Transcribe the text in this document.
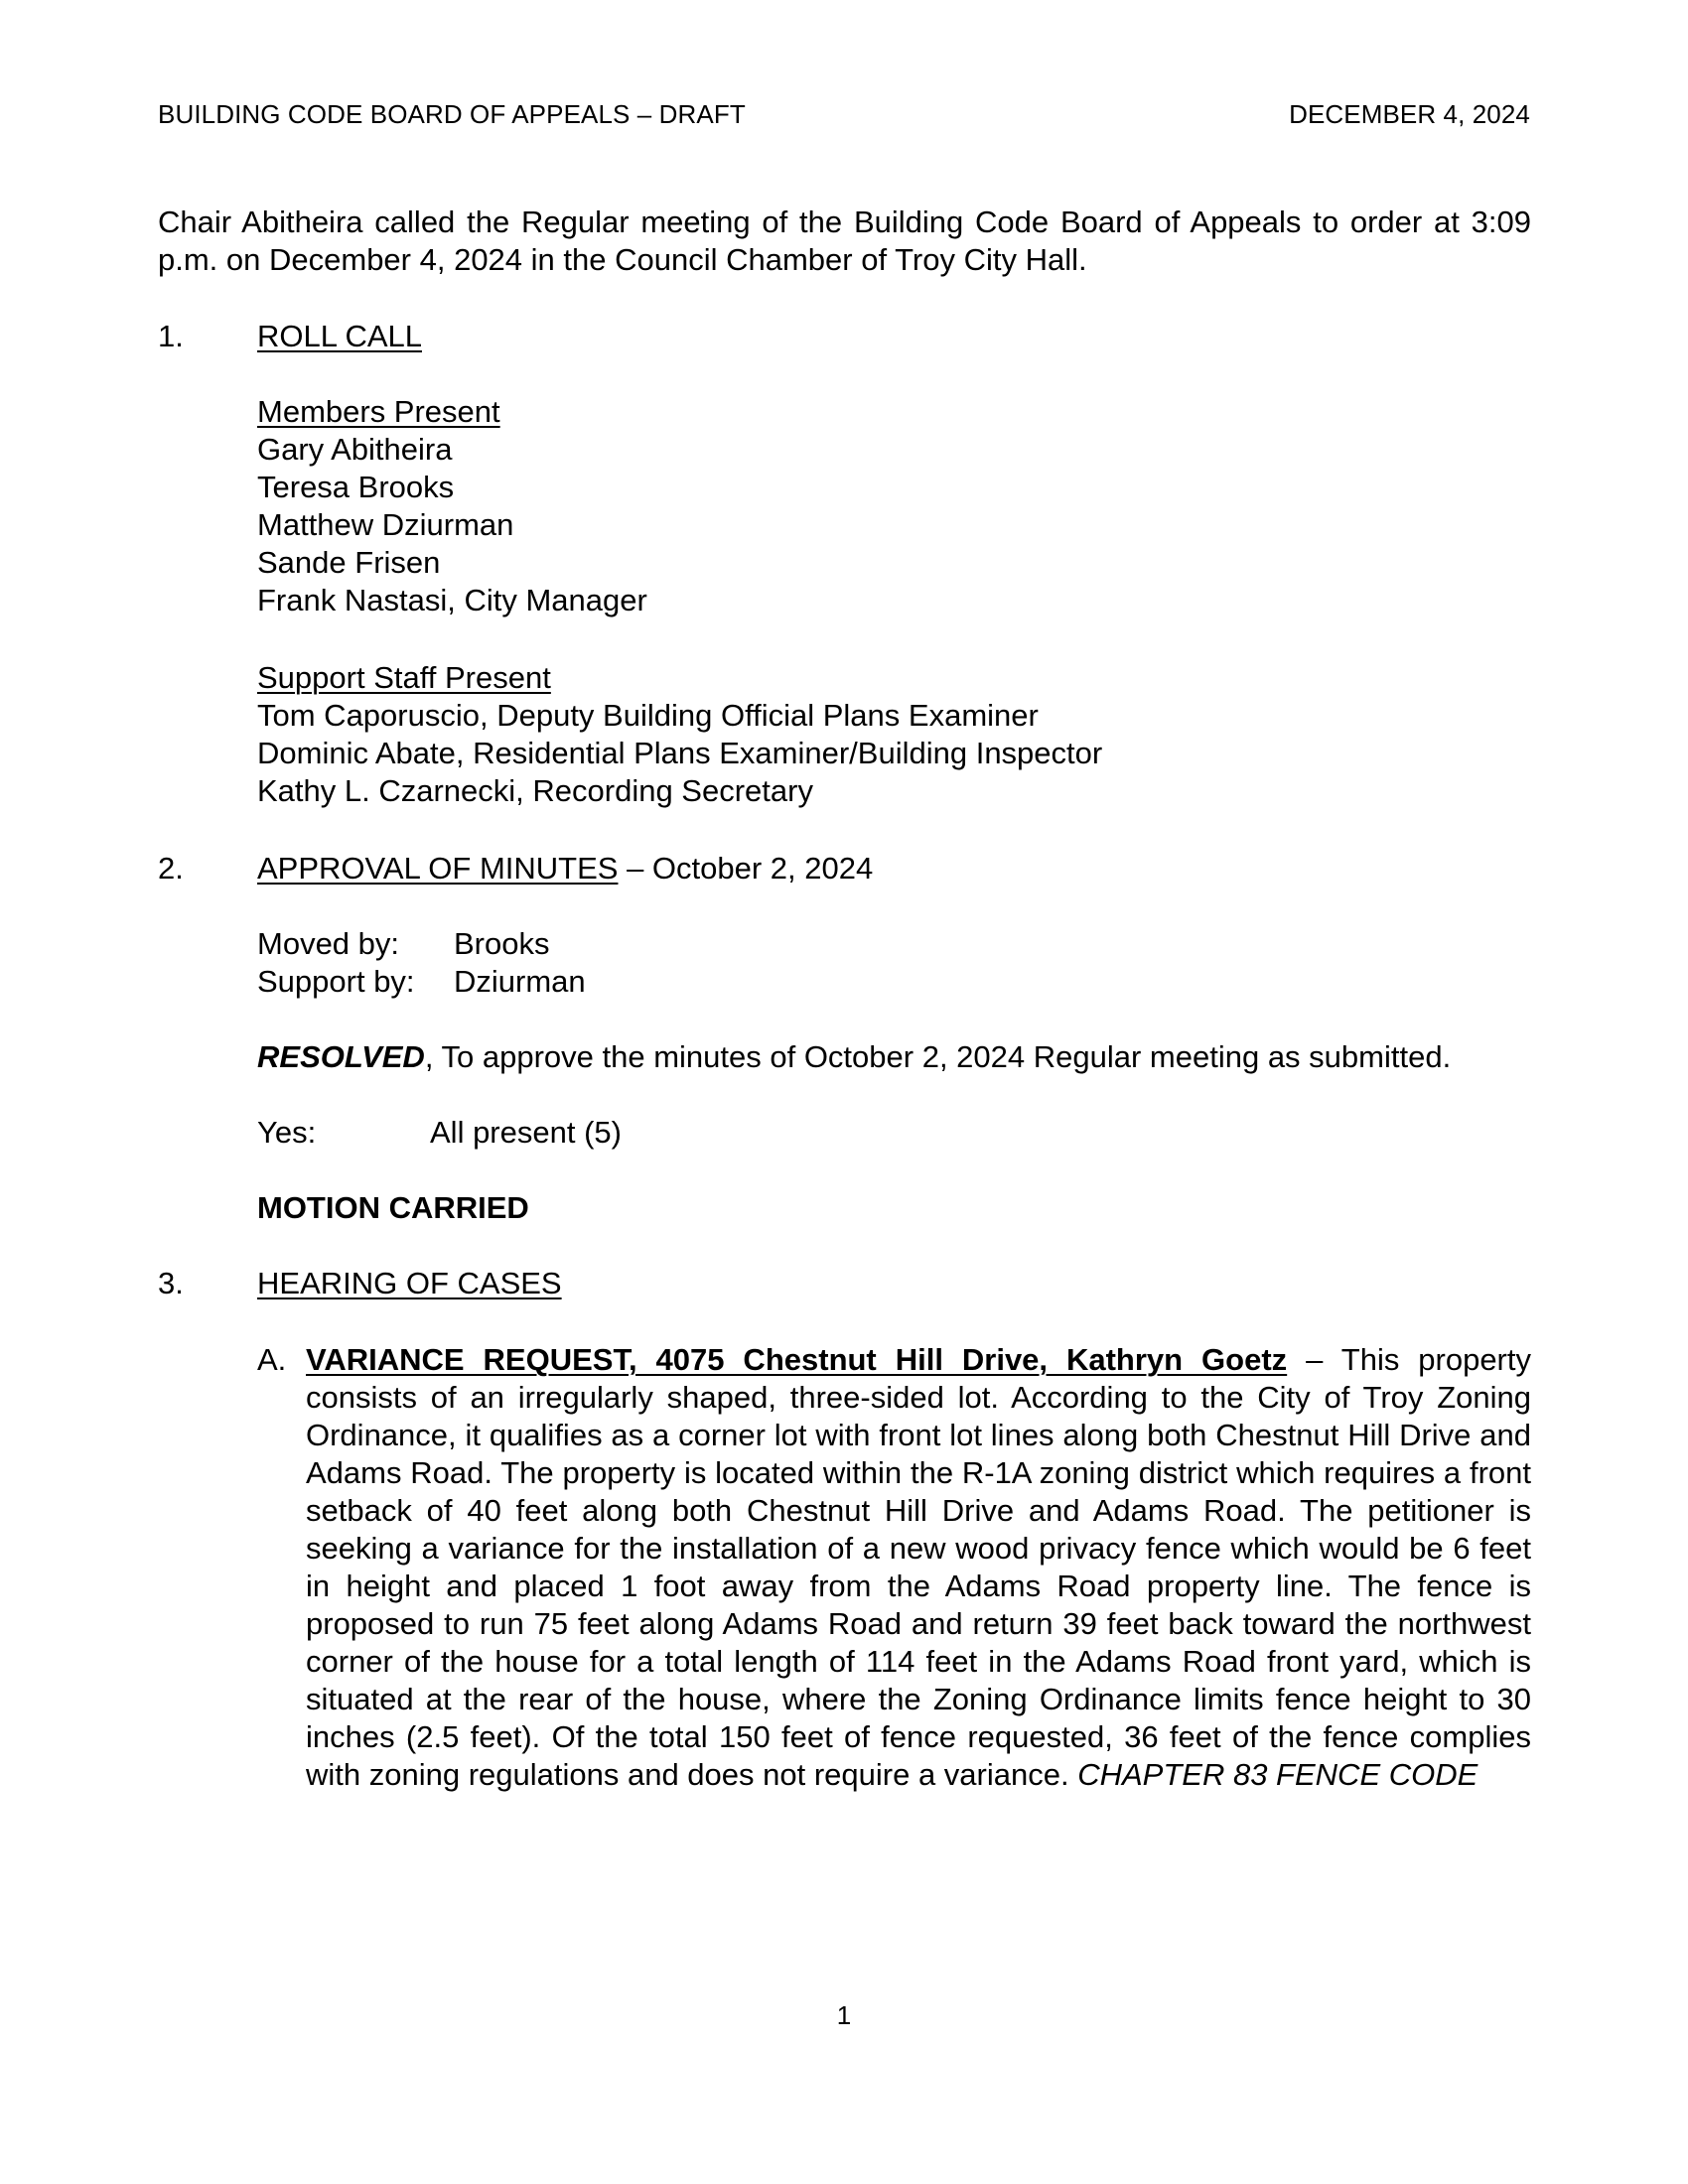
BUILDING CODE BOARD OF APPEALS – DRAFT	DECEMBER 4, 2024
Chair Abitheira called the Regular meeting of the Building Code Board of Appeals to order at 3:09 p.m. on December 4, 2024 in the Council Chamber of Troy City Hall.
1. ROLL CALL
Members Present
Gary Abitheira
Teresa Brooks
Matthew Dziurman
Sande Frisen
Frank Nastasi, City Manager
Support Staff Present
Tom Caporuscio, Deputy Building Official Plans Examiner
Dominic Abate, Residential Plans Examiner/Building Inspector
Kathy L. Czarnecki, Recording Secretary
2. APPROVAL OF MINUTES – October 2, 2024
Moved by: Brooks
Support by: Dziurman
RESOLVED, To approve the minutes of October 2, 2024 Regular meeting as submitted.
Yes:	All present (5)
MOTION CARRIED
3. HEARING OF CASES
A. VARIANCE REQUEST, 4075 Chestnut Hill Drive, Kathryn Goetz – This property consists of an irregularly shaped, three-sided lot. According to the City of Troy Zoning Ordinance, it qualifies as a corner lot with front lot lines along both Chestnut Hill Drive and Adams Road. The property is located within the R-1A zoning district which requires a front setback of 40 feet along both Chestnut Hill Drive and Adams Road. The petitioner is seeking a variance for the installation of a new wood privacy fence which would be 6 feet in height and placed 1 foot away from the Adams Road property line. The fence is proposed to run 75 feet along Adams Road and return 39 feet back toward the northwest corner of the house for a total length of 114 feet in the Adams Road front yard, which is situated at the rear of the house, where the Zoning Ordinance limits fence height to 30 inches (2.5 feet). Of the total 150 feet of fence requested, 36 feet of the fence complies with zoning regulations and does not require a variance. CHAPTER 83 FENCE CODE
1
